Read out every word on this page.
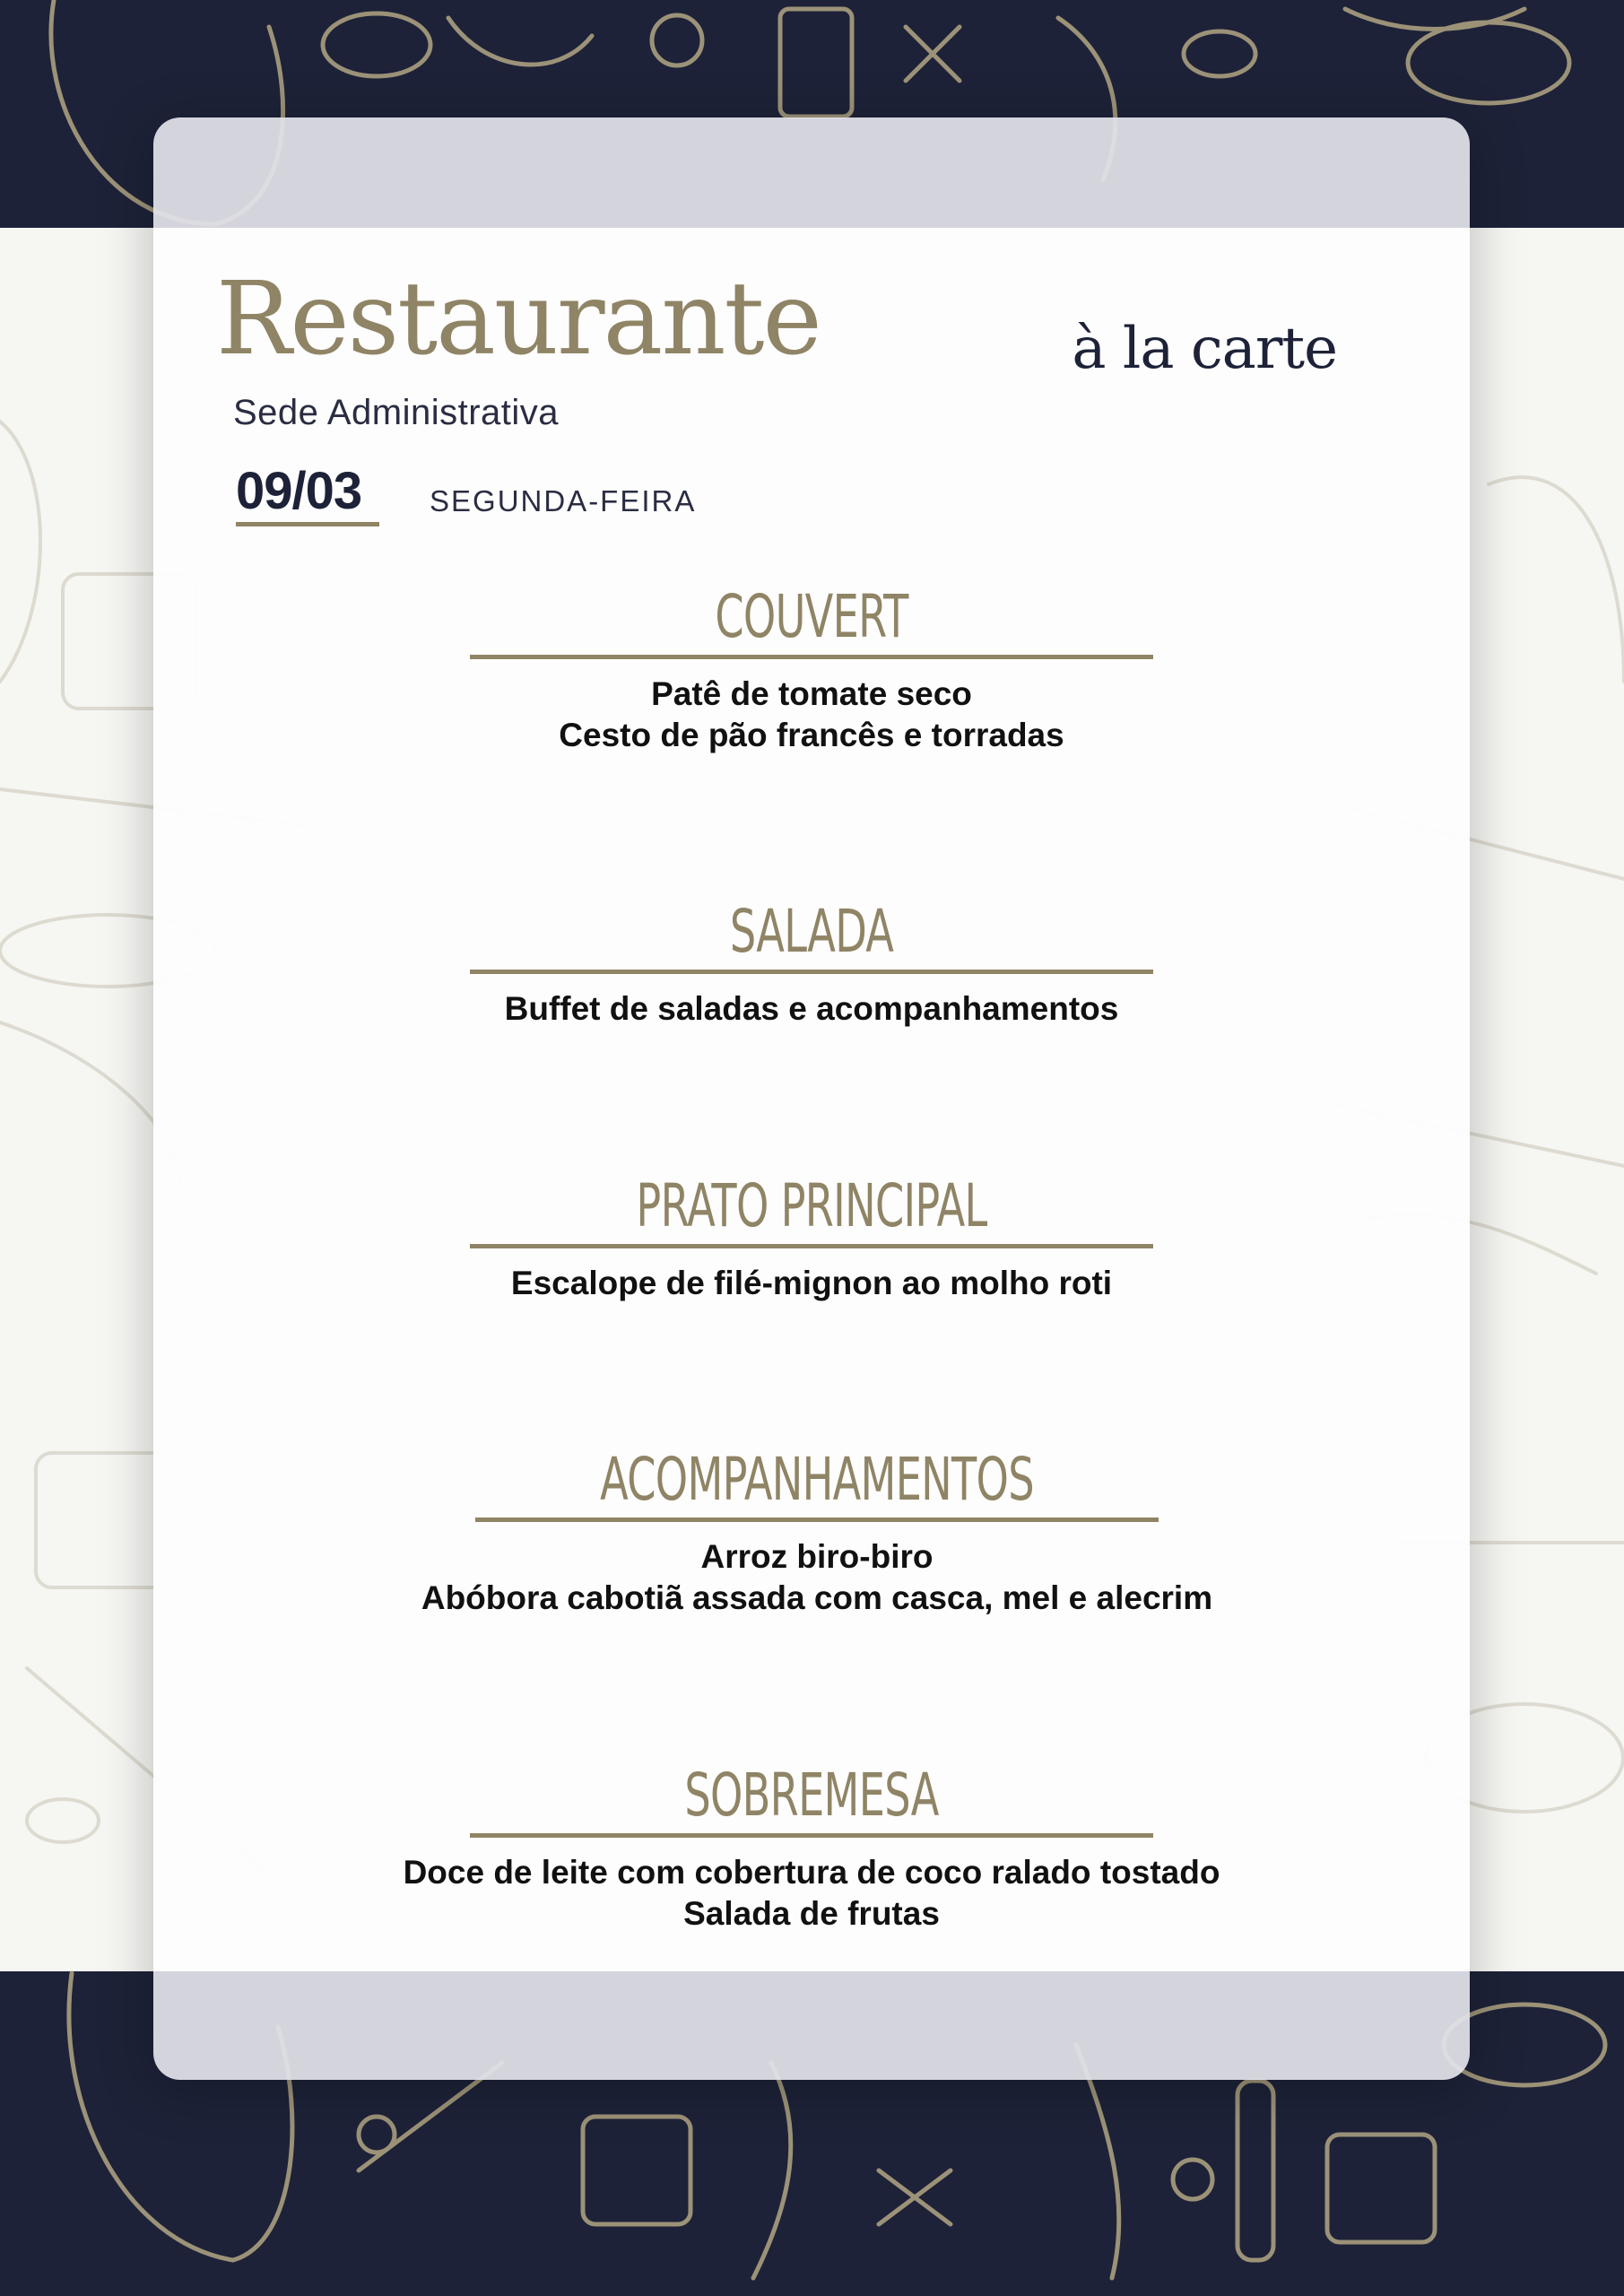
Restaurante
Sede Administrativa
à la carte
09/03 SEGUNDA-FEIRA
COUVERT
Patê de tomate seco
Cesto de pão francês e torradas
SALADA
Buffet de saladas e acompanhamentos
PRATO PRINCIPAL
Escalope de filé-mignon ao molho roti
ACOMPANHAMENTOS
Arroz biro-biro
Abóbora cabotiã assada com casca, mel e alecrim
SOBREMESA
Doce de leite com cobertura de coco ralado tostado
Salada de frutas
